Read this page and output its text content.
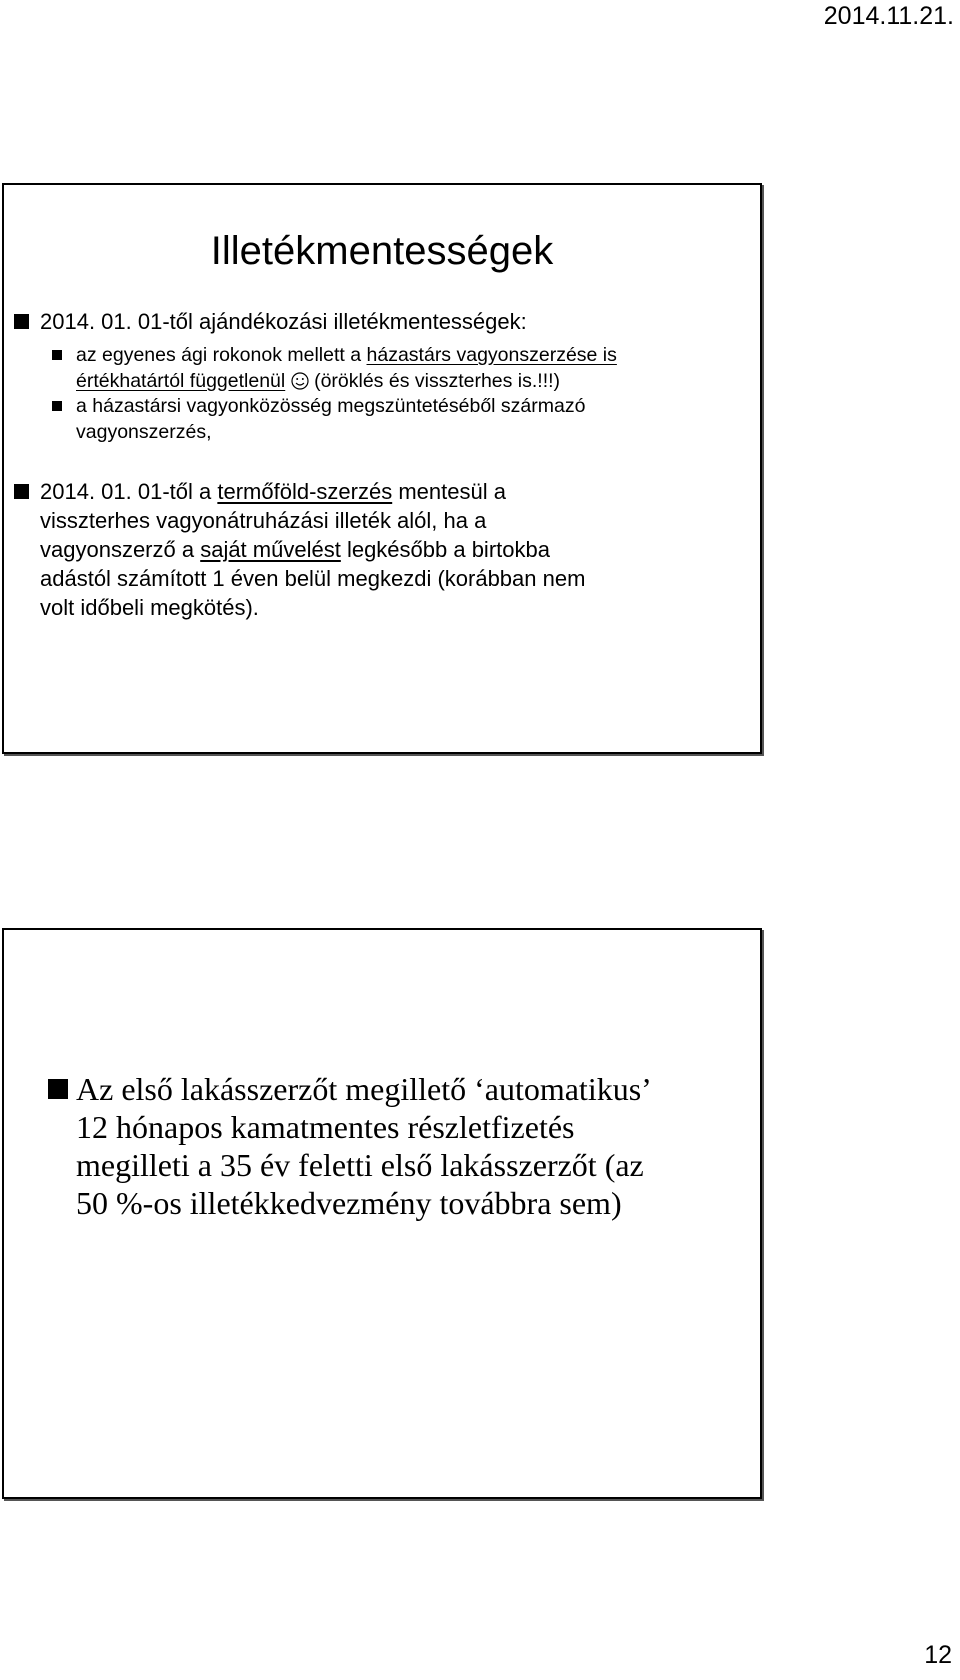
2014.11.21.
Illetékmentességek
2014. 01. 01-től ajándékozási illetékmentességek:
az egyenes ági rokonok mellett a házastárs vagyonszerzése is
értékhatártól függetlenül  (öröklés és visszterhes is.!!!)
a házastársi vagyonközösség megszüntetéséből származó
vagyonszerzés,
2014. 01. 01-től a termőföld-szerzés mentesül a
visszterhes vagyonátruházási illeték alól, ha a
vagyonszerző a saját művelést legkésőbb a birtokba
adástól számított 1 éven belül megkezdi (korábban nem
volt időbeli megkötés).
Az első lakásszerzőt megillető ‘automatikus’
12 hónapos kamatmentes részletfizetés
megilleti a 35 év feletti első lakásszerzőt (az
50 %-os illetékkedvezmény továbbra sem)
12
